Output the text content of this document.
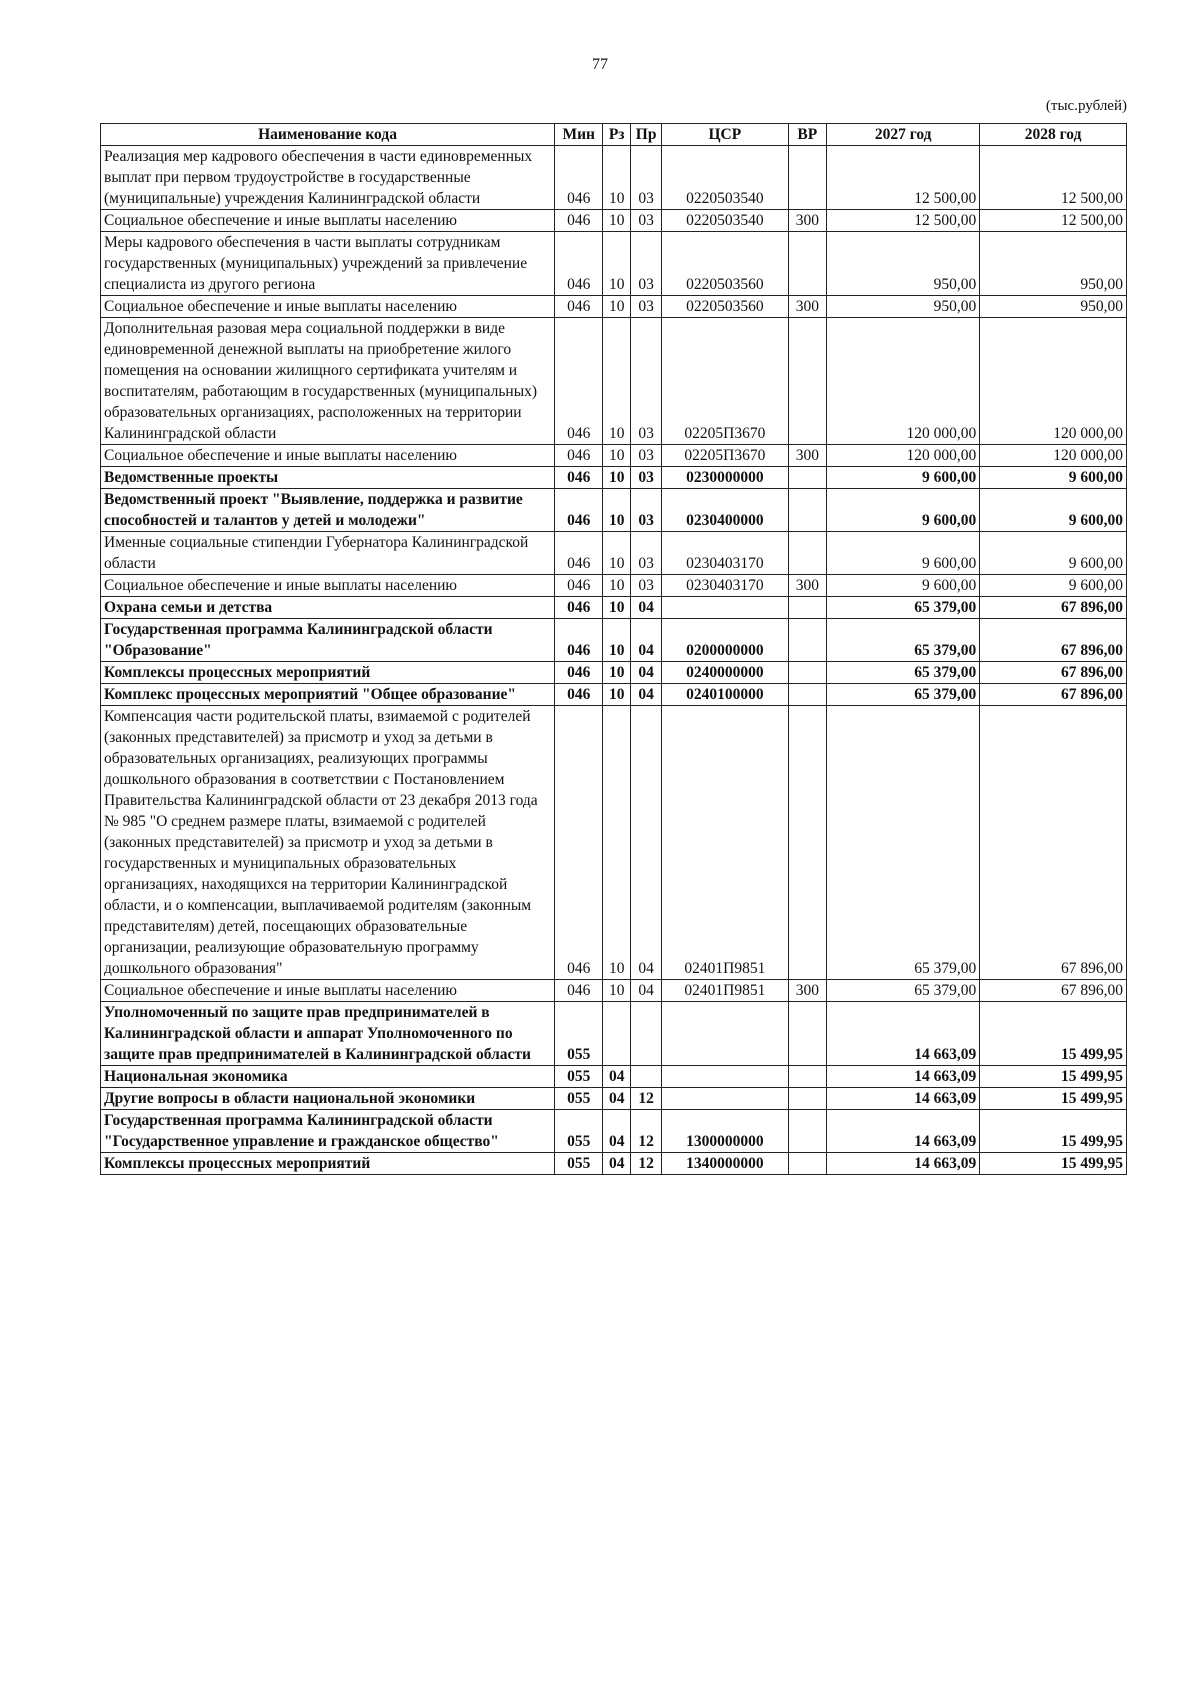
77
(тыс.рублей)
Наименование кода	Мин	Рз	Пр	ЦСР	ВР	2027 год	2028 год
Реализация мер кадрового обеспечения в части единовременных выплат при первом трудоустройстве в государственные (муниципальные) учреждения Калининградской области	046	10	03	0220503540		12 500,00	12 500,00
Социальное обеспечение и иные выплаты населению	046	10	03	0220503540	300	12 500,00	12 500,00
Меры кадрового обеспечения в части выплаты сотрудникам государственных (муниципальных) учреждений за привлечение специалиста из другого региона	046	10	03	0220503560		950,00	950,00
Социальное обеспечение и иные выплаты населению	046	10	03	0220503560	300	950,00	950,00
Дополнительная разовая мера социальной поддержки в виде единовременной денежной выплаты на приобретение жилого помещения на основании жилищного сертификата учителям и воспитателям, работающим в государственных (муниципальных) образовательных организациях, расположенных на территории Калининградской области	046	10	03	02205П3670		120 000,00	120 000,00
Социальное обеспечение и иные выплаты населению	046	10	03	02205П3670	300	120 000,00	120 000,00
Ведомственные проекты	046	10	03	0230000000		9 600,00	9 600,00
Ведомственный проект "Выявление, поддержка и развитие способностей и талантов у детей и молодежи"	046	10	03	0230400000		9 600,00	9 600,00
Именные социальные стипендии Губернатора Калининградской области	046	10	03	0230403170		9 600,00	9 600,00
Социальное обеспечение и иные выплаты населению	046	10	03	0230403170	300	9 600,00	9 600,00
Охрана семьи и детства	046	10	04			65 379,00	67 896,00
Государственная программа Калининградской области "Образование"	046	10	04	0200000000		65 379,00	67 896,00
Комплексы процессных мероприятий	046	10	04	0240000000		65 379,00	67 896,00
Комплекс процессных мероприятий "Общее образование"	046	10	04	0240100000		65 379,00	67 896,00
Компенсация части родительской платы, взимаемой с родителей (законных представителей) за присмотр и уход за детьми в образовательных организациях, реализующих программы дошкольного образования в соответствии с Постановлением Правительства Калининградской области от 23 декабря 2013 года № 985 "О среднем размере платы, взимаемой с родителей (законных представителей) за присмотр и уход за детьми в государственных и муниципальных образовательных организациях, находящихся на территории Калининградской области, и о компенсации, выплачиваемой родителям (законным представителям) детей, посещающих образовательные организации, реализующие образовательную программу дошкольного образования"	046	10	04	02401П9851		65 379,00	67 896,00
Социальное обеспечение и иные выплаты населению	046	10	04	02401П9851	300	65 379,00	67 896,00
Уполномоченный по защите прав предпринимателей в Калининградской области и аппарат Уполномоченного по защите прав предпринимателей в Калининградской области	055					14 663,09	15 499,95
Национальная экономика	055	04				14 663,09	15 499,95
Другие вопросы в области национальной экономики	055	04	12			14 663,09	15 499,95
Государственная программа Калининградской области "Государственное управление и гражданское общество"	055	04	12	1300000000		14 663,09	15 499,95
Комплексы процессных мероприятий	055	04	12	1340000000		14 663,09	15 499,95
